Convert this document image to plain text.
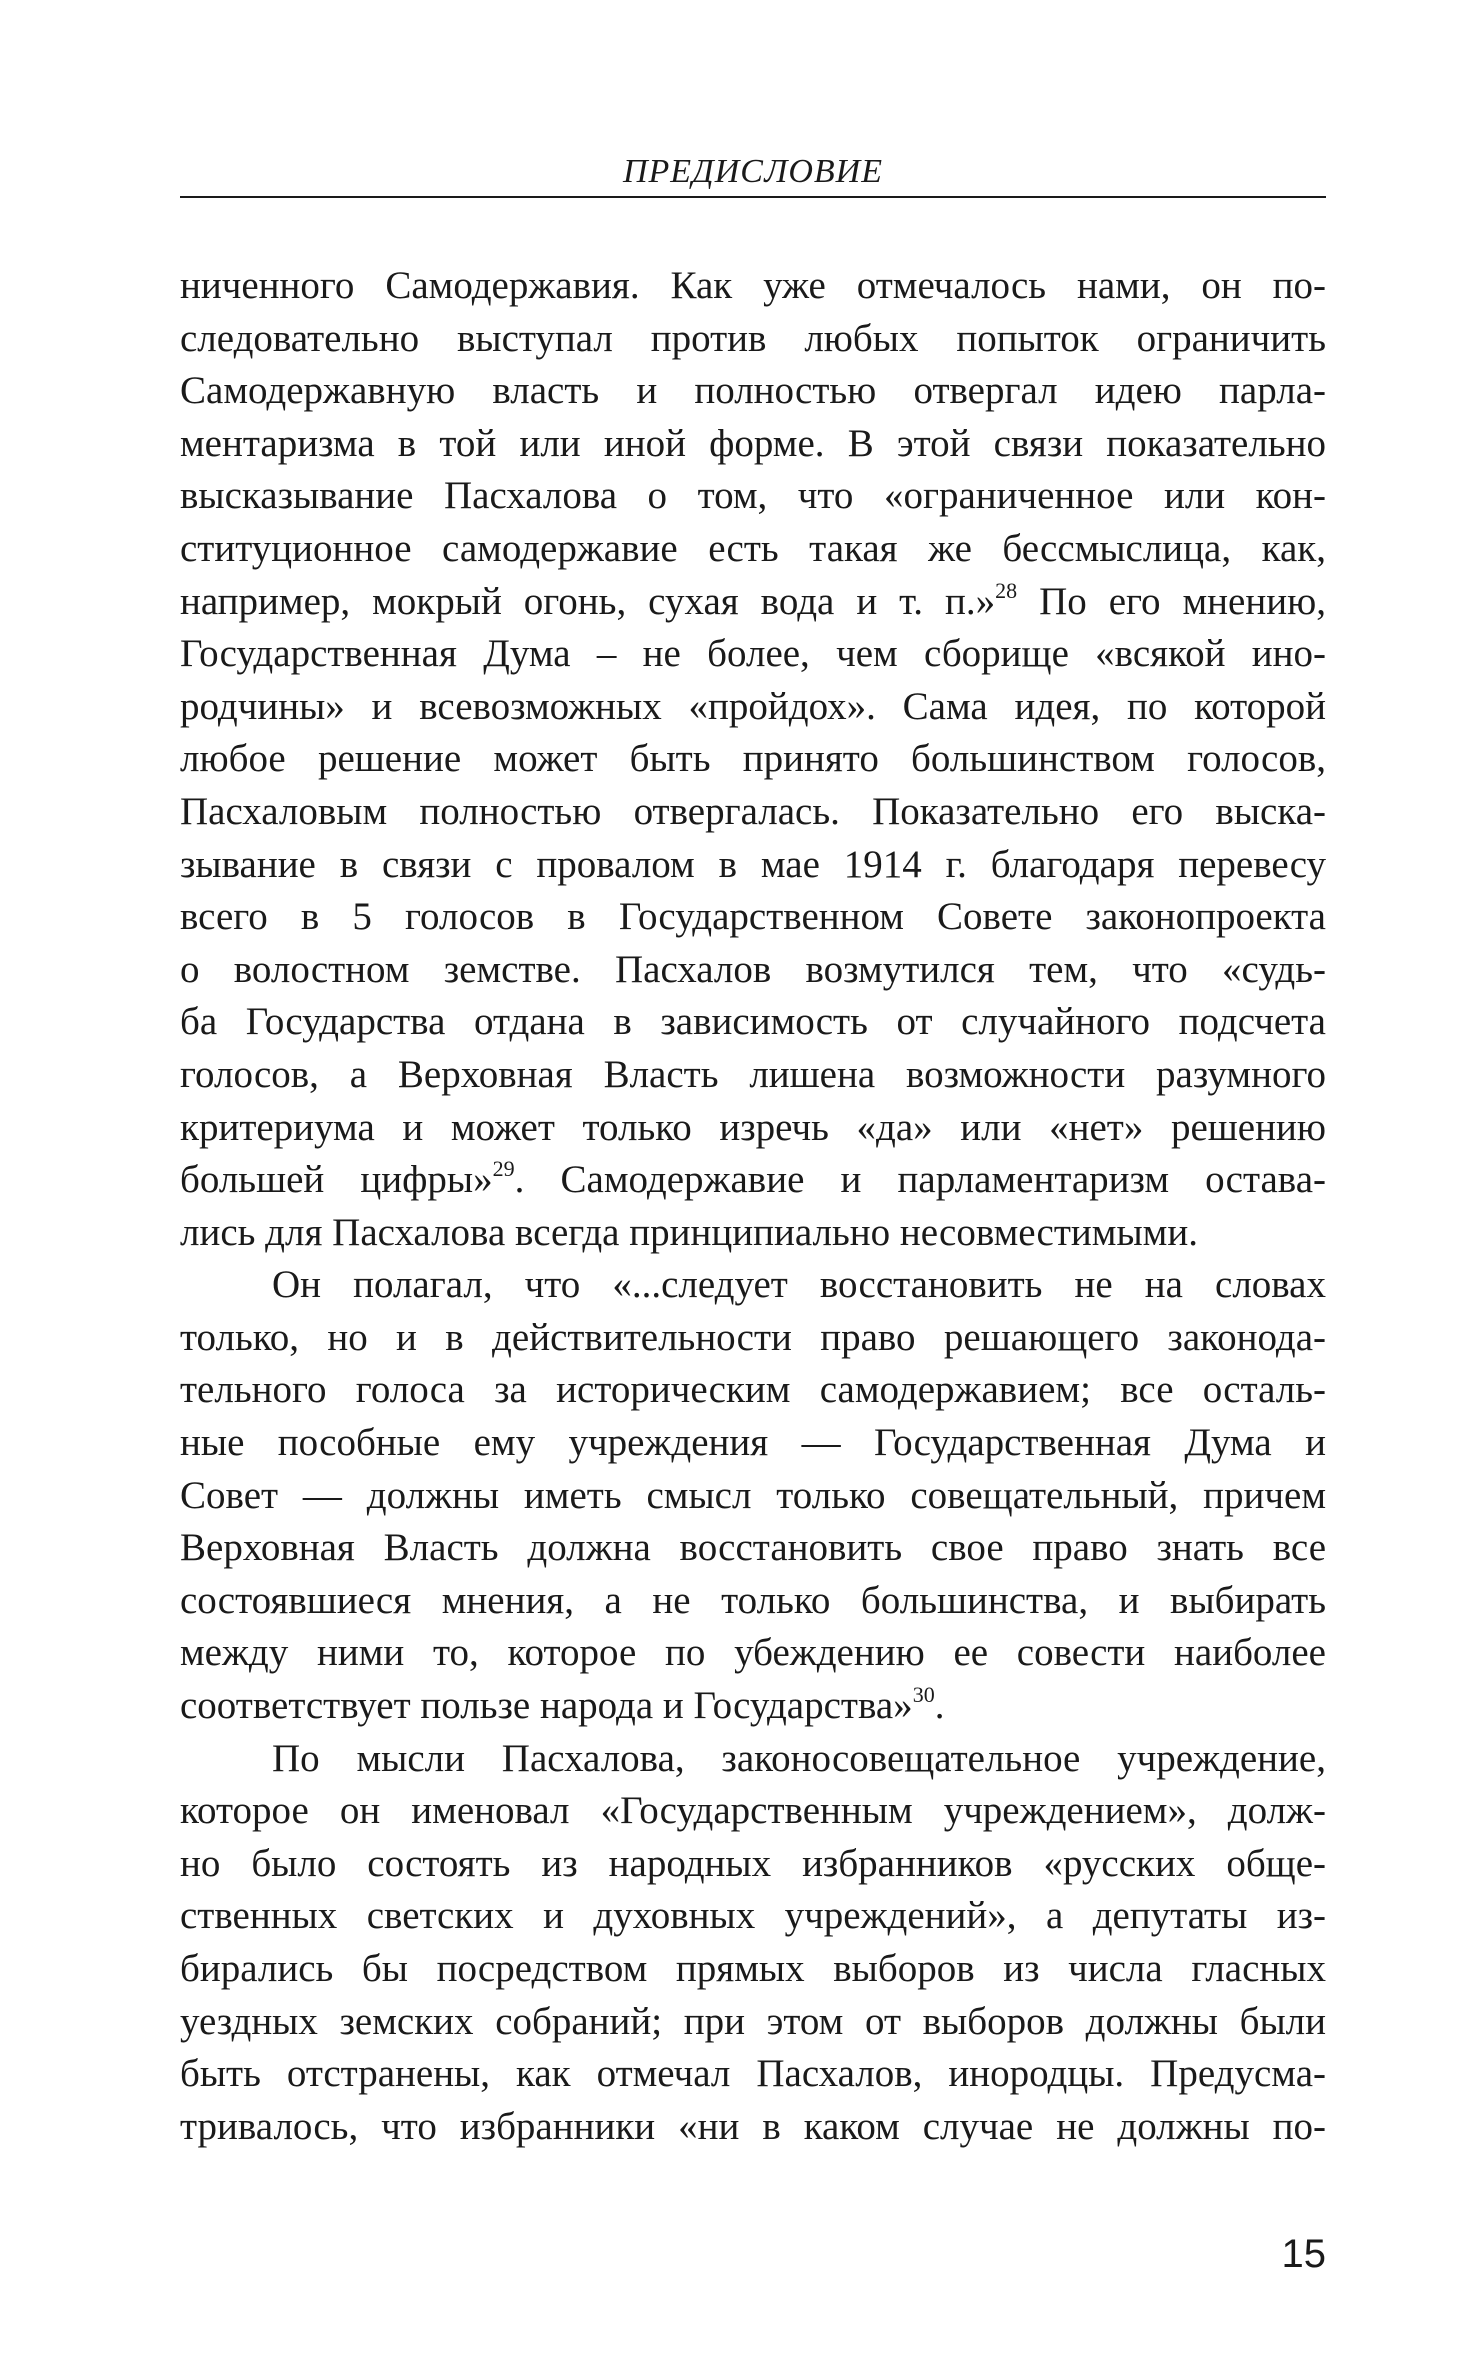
ПРЕДИСЛОВИЕ
ниченного Самодержавия. Как уже отмечалось нами, он по-
следовательно выступал против любых попыток ограничить
Самодержавную власть и полностью отвергал идею парла-
ментаризма в той или иной форме. В этой связи показательно
высказывание Пасхалова о том, что «ограниченное или кон-
ституционное самодержавие есть такая же бессмыслица, как,
например, мокрый огонь, сухая вода и т. п.»$^{28}$ По его мнению,
Государственная Дума – не более, чем сборище «всякой ино-
родчины» и всевозможных «пройдох». Сама идея, по которой
любое решение может быть принято большинством голосов,
Пасхаловым полностью отвергалась. Показательно его выска-
зывание в связи с провалом в мае 1914 г. благодаря перевесу
всего в 5 голосов в Государственном Совете законопроекта
о волостном земстве. Пасхалов возмутился тем, что «судь-
ба Государства отдана в зависимость от случайного подсчета
голосов, а Верховная Власть лишена возможности разумного
критериума и может только изречь «да» или «нет» решению
большей цифры»$^{29}$. Самодержавие и парламентаризм остава-
лись для Пасхалова всегда принципиально несовместимыми.
Он полагал, что «...следует восстановить не на словах
только, но и в действительности право решающего законода-
тельного голоса за историческим самодержавием; все осталь-
ные пособные ему учреждения — Государственная Дума и
Совет — должны иметь смысл только совещательный, причем
Верховная Власть должна восстановить свое право знать все
состоявшиеся мнения, а не только большинства, и выбирать
между ними то, которое по убеждению ее совести наиболее
соответствует пользе народа и Государства»$^{30}$.
По мысли Пасхалова, законосовещательное учреждение,
которое он именовал «Государственным учреждением», долж-
но было состоять из народных избранников «русских обще-
ственных светских и духовных учреждений», а депутаты из-
бирались бы посредством прямых выборов из числа гласных
уездных земских собраний; при этом от выборов должны были
быть отстранены, как отмечал Пасхалов, инородцы. Предусма-
тривалось, что избранники «ни в каком случае не должны по-
15
